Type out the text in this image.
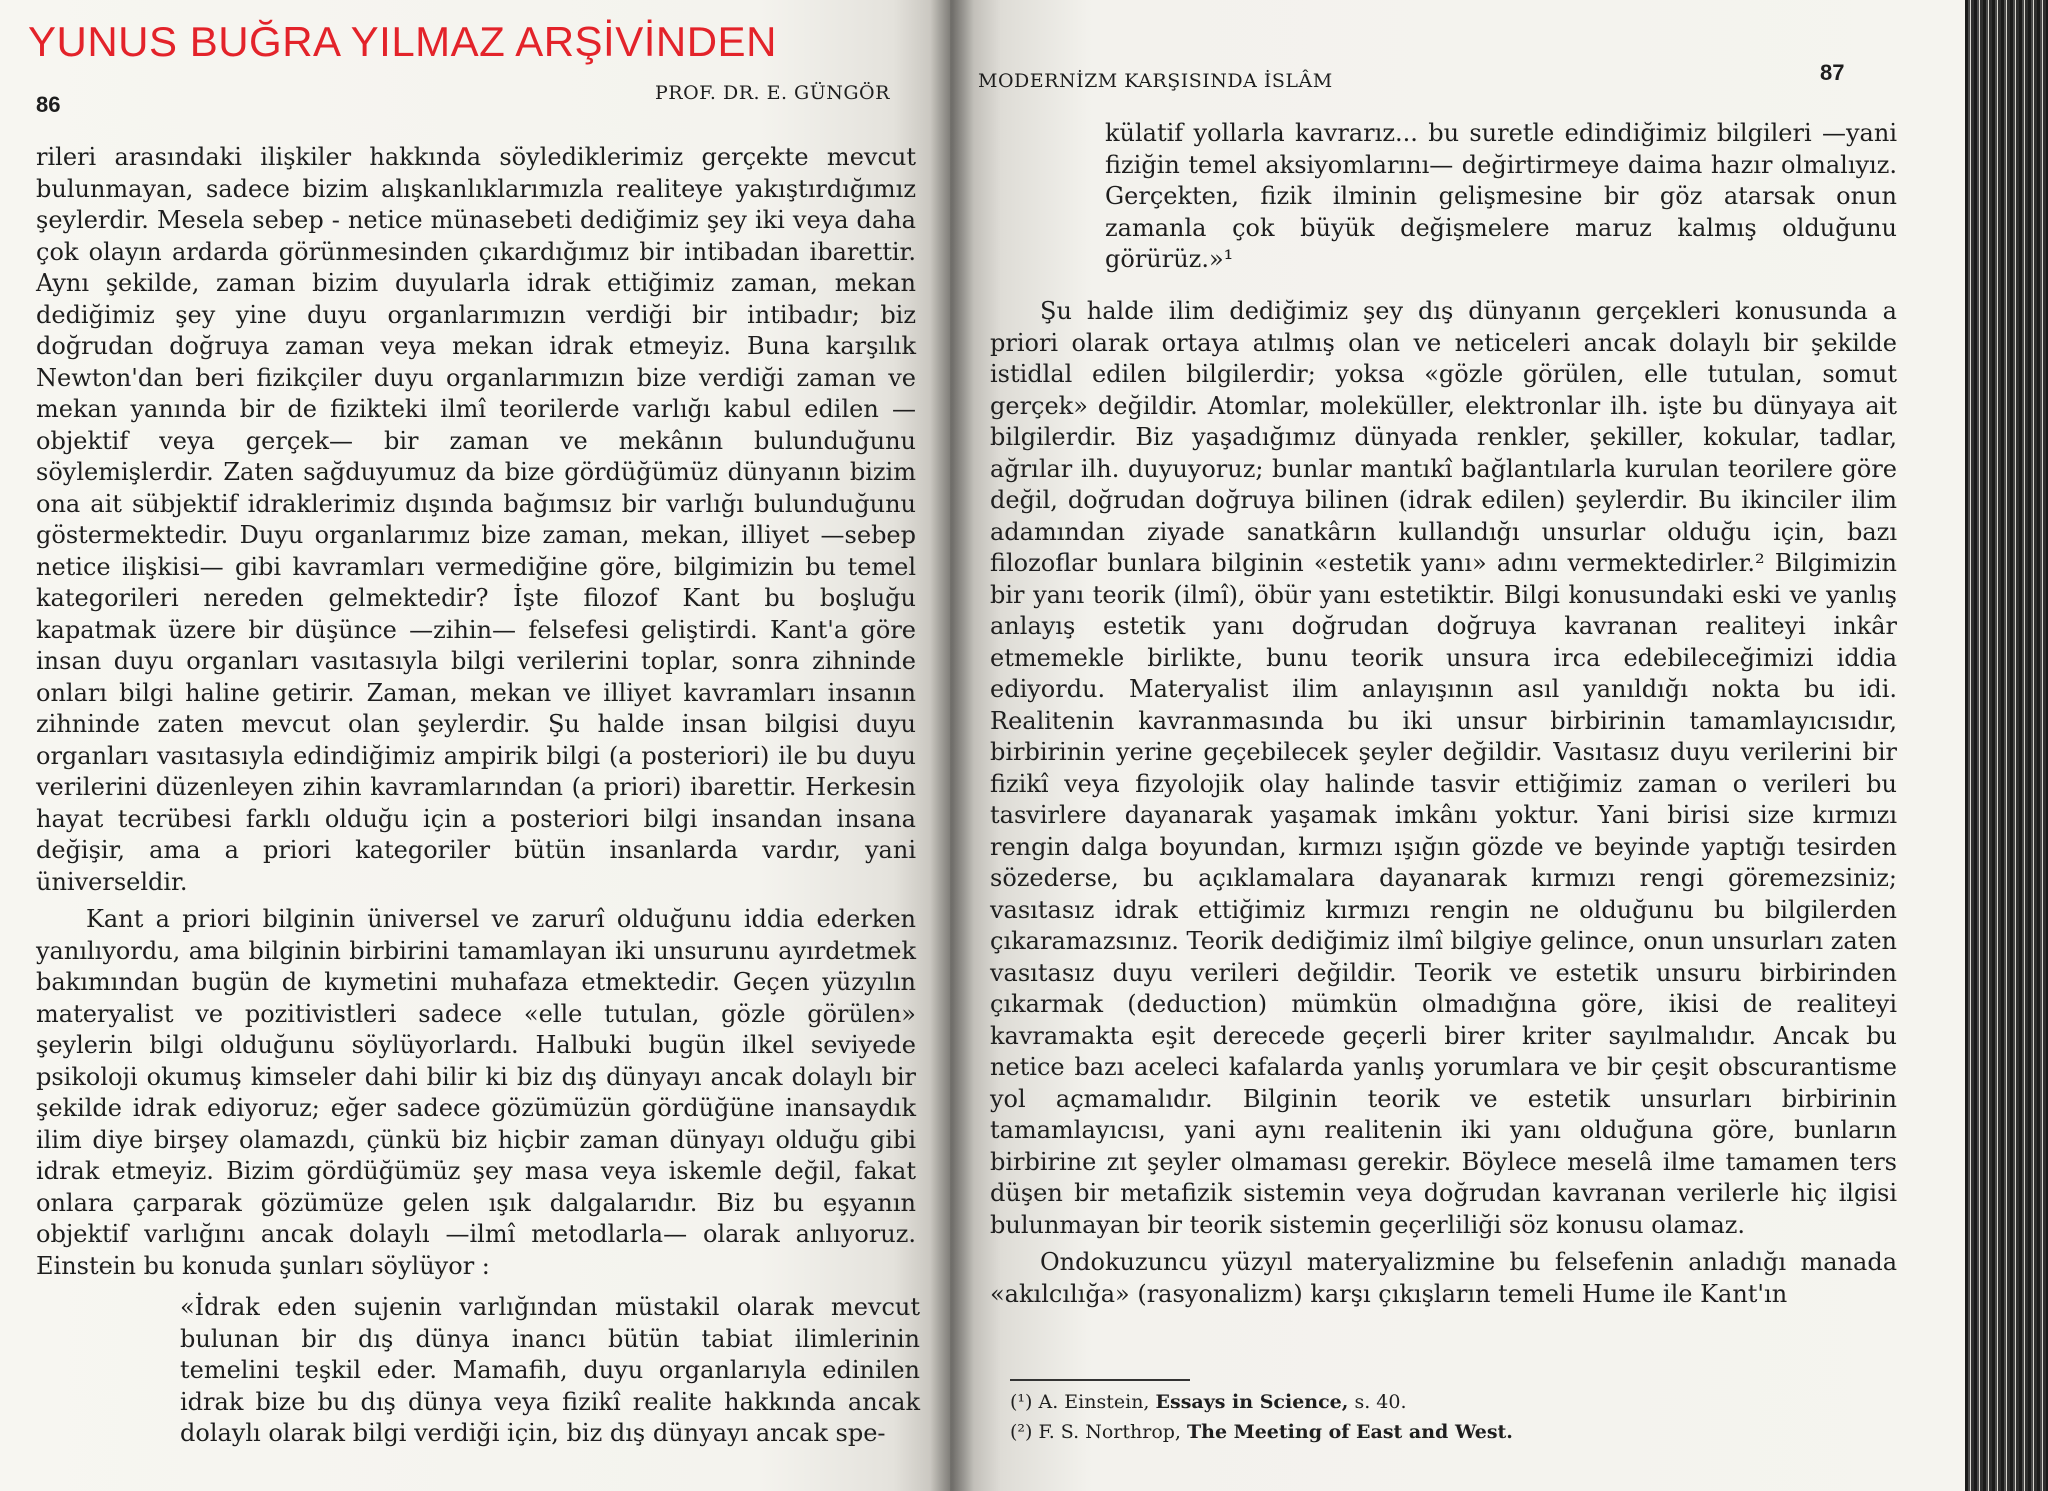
YUNUS BUĞRA YILMAZ ARŞİVİNDEN
86	PROF. DR. E. GÜNGÖR

rileri arasındaki ilişkiler hakkında söylediklerimiz gerçekte mevcut bulunmayan, sadece bizim alışkanlıklarımızla realiteye yakıştırdığımız şeylerdir. Mesela sebep - netice münasebeti dediğimiz şey iki veya daha çok olayın ardarda görünmesinden çıkardığımız bir intibadan ibarettir. Aynı şekilde, zaman bizim duyularla idrak ettiğimiz zaman, mekan dediğimiz şey yine duyu organlarımızın verdiği bir intibadır; biz doğrudan doğruya zaman veya mekan idrak etmeyiz. Buna karşılık Newton'dan beri fizikçiler duyu organlarımızın bize verdiği zaman ve mekan yanında bir de fizikteki ilmî teorilerde varlığı kabul edilen —objektif veya gerçek— bir zaman ve mekânın bulunduğunu söylemişlerdir. Zaten sağduyumuz da bize gördüğümüz dünyanın bizim ona ait sübjektif idraklerimiz dışında bağımsız bir varlığı bulunduğunu göstermektedir. Duyu organlarımız bize zaman, mekan, illiyet —sebep netice ilişkisi— gibi kavramları vermediğine göre, bilgimizin bu temel kategorileri nereden gelmektedir? İşte filozof Kant bu boşluğu kapatmak üzere bir düşünce —zihin— felsefesi geliştirdi. Kant'a göre insan duyu organları vasıtasıyla bilgi verilerini toplar, sonra zihninde onları bilgi haline getirir. Zaman, mekan ve illiyet kavramları insanın zihninde zaten mevcut olan şeylerdir. Şu halde insan bilgisi duyu organları vasıtasıyla edindiğimiz ampirik bilgi (a posteriori) ile bu duyu verilerini düzenleyen zihin kavramlarından (a priori) ibarettir. Herkesin hayat tecrübesi farklı olduğu için a posteriori bilgi insandan insana değişir, ama a priori kategoriler bütün insanlarda vardır, yani üniverseldir.

Kant a priori bilginin üniversel ve zarurî olduğunu iddia ederken yanılıyordu, ama bilginin birbirini tamamlayan iki unsurunu ayırdetmek bakımından bugün de kıymetini muhafaza etmektedir. Geçen yüzyılın materyalist ve pozitivistleri sadece «elle tutulan, gözle görülen» şeylerin bilgi olduğunu söylüyorlardı. Halbuki bugün ilkel seviyede psikoloji okumuş kimseler dahi bilir ki biz dış dünyayı ancak dolaylı bir şekilde idrak ediyoruz; eğer sadece gözümüzün gördüğüne inansaydık ilim diye birşey olamazdı, çünkü biz hiçbir zaman dünyayı olduğu gibi idrak etmeyiz. Bizim gördüğümüz şey masa veya iskemle değil, fakat onlara çarparak gözümüze gelen ışık dalgalarıdır. Biz bu eşyanın objektif varlığını ancak dolaylı —ilmî metodlarla— olarak anlıyoruz. Einstein bu konuda şunları söylüyor :

«İdrak eden sujenin varlığından müstakil olarak mevcut bulunan bir dış dünya inancı bütün tabiat ilimlerinin temelini teşkil eder. Mamafih, duyu organlarıyla edinilen idrak bize bu dış dünya veya fizikî realite hakkında ancak dolaylı olarak bilgi verdiği için, biz dış dünyayı ancak spe-

MODERNİZM KARŞISINDA İSLÂM	87

külatif yollarla kavrarız... bu suretle edindiğimiz bilgileri —yani fiziğin temel aksiyomlarını— değirtirmeye daima hazır olmalıyız. Gerçekten, fizik ilminin gelişmesine bir göz atarsak onun zamanla çok büyük değişmelere maruz kalmış olduğunu görürüz.»¹

Şu halde ilim dediğimiz şey dış dünyanın gerçekleri konusunda a priori olarak ortaya atılmış olan ve neticeleri ancak dolaylı bir şekilde istidlal edilen bilgilerdir; yoksa «gözle görülen, elle tutulan, somut gerçek» değildir. Atomlar, moleküller, elektronlar ilh. işte bu dünyaya ait bilgilerdir. Biz yaşadığımız dünyada renkler, şekiller, kokular, tadlar, ağrılar ilh. duyuyoruz; bunlar mantıkî bağlantılarla kurulan teorilere göre değil, doğrudan doğruya bilinen (idrak edilen) şeylerdir. Bu ikinciler ilim adamından ziyade sanatkârın kullandığı unsurlar olduğu için, bazı filozoflar bunlara bilginin «estetik yanı» adını vermektedirler.² Bilgimizin bir yanı teorik (ilmî), öbür yanı estetiktir. Bilgi konusundaki eski ve yanlış anlayış estetik yanı doğrudan doğruya kavranan realiteyi inkâr etmemekle birlikte, bunu teorik unsura irca edebileceğimizi iddia ediyordu. Materyalist ilim anlayışının asıl yanıldığı nokta bu idi. Realitenin kavranmasında bu iki unsur birbirinin tamamlayıcısıdır, birbirinin yerine geçebilecek şeyler değildir. Vasıtasız duyu verilerini bir fizikî veya fizyolojik olay halinde tasvir ettiğimiz zaman o verileri bu tasvirlere dayanarak yaşamak imkânı yoktur. Yani birisi size kırmızı rengin dalga boyundan, kırmızı ışığın gözde ve beyinde yaptığı tesirden sözederse, bu açıklamalara dayanarak kırmızı rengi göremezsiniz; vasıtasız idrak ettiğimiz kırmızı rengin ne olduğunu bu bilgilerden çıkaramazsınız. Teorik dediğimiz ilmî bilgiye gelince, onun unsurları zaten vasıtasız duyu verileri değildir. Teorik ve estetik unsuru birbirinden çıkarmak (deduction) mümkün olmadığına göre, ikisi de realiteyi kavramakta eşit derecede geçerli birer kriter sayılmalıdır. Ancak bu netice bazı aceleci kafalarda yanlış yorumlara ve bir çeşit obscurantisme yol açmamalıdır. Bilginin teorik ve estetik unsurları birbirinin tamamlayıcısı, yani aynı realitenin iki yanı olduğuna göre, bunların birbirine zıt şeyler olmaması gerekir. Böylece meselâ ilme tamamen ters düşen bir metafizik sistemin veya doğrudan kavranan verilerle hiç ilgisi bulunmayan bir teorik sistemin geçerliliği söz konusu olamaz.

Ondokuzuncu yüzyıl materyalizmine bu felsefenin anladığı manada «akılcılığa» (rasyonalizm) karşı çıkışların temeli Hume ile Kant'ın

(¹) A. Einstein, Essays in Science, s. 40.
(²) F. S. Northrop, The Meeting of East and West.
